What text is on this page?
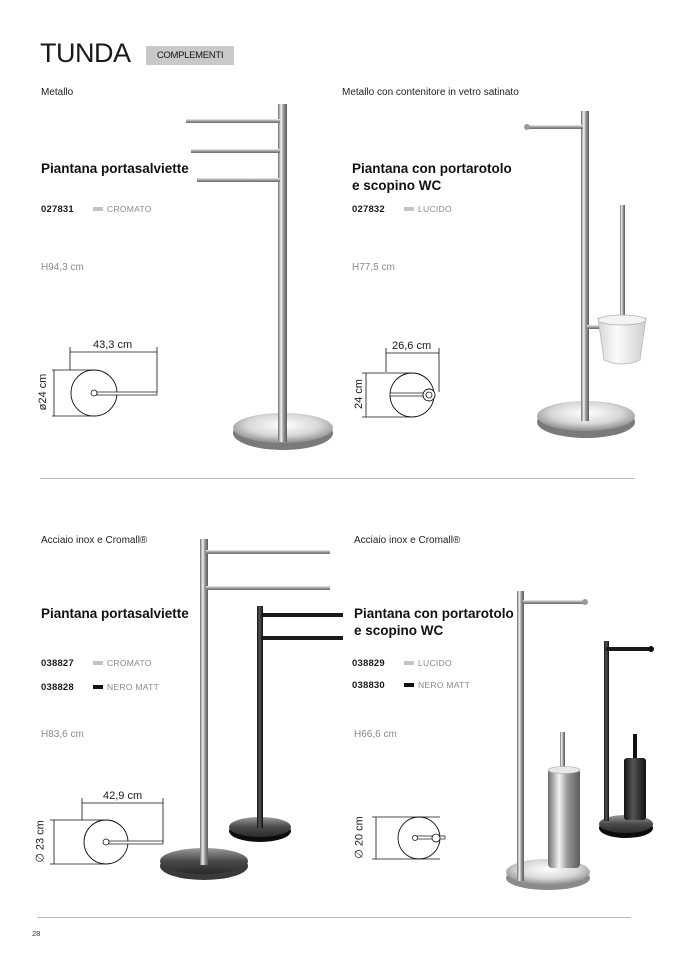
TUNDA	COMPLEMENTI
Metallo
Piantana portasalviette
027831	CROMATO
H94,3 cm
43,3 cm
ø24 cm
Metallo con contenitore in vetro satinato
Piantana con portarotolo
e scopino WC
027832	LUCIDO
H77,5 cm
26,6 cm
24 cm
Acciaio inox e Cromall®
Piantana portasalviette
038827	CROMATO
038828	NERO MATT
H83,6 cm
42,9 cm
∅ 23 cm
Acciaio inox e Cromall®
Piantana con portarotolo
e scopino WC
038829	LUCIDO
038830	NERO MATT
H66,6 cm
∅ 20 cm
28
